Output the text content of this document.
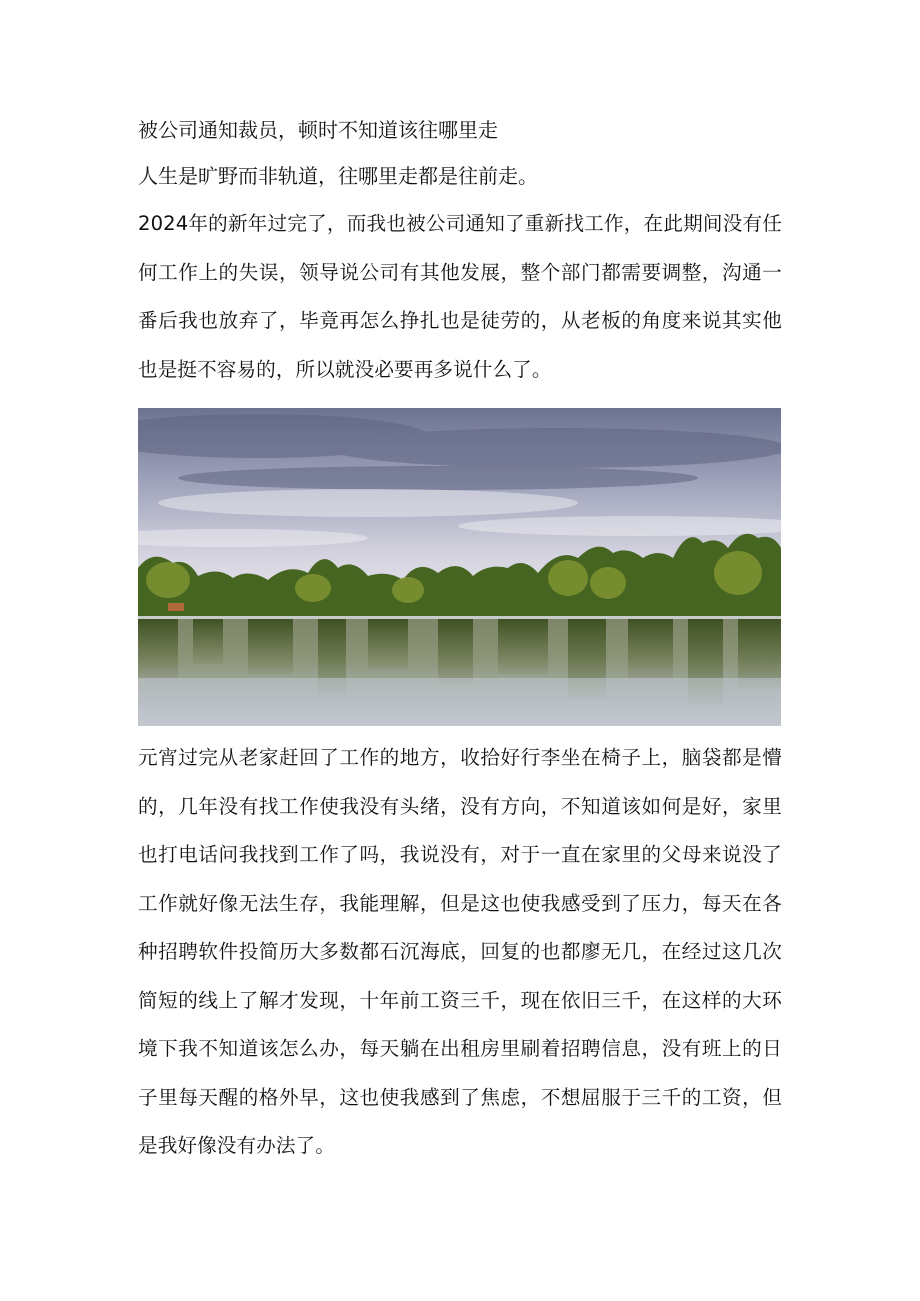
被公司通知裁员，顿时不知道该往哪里走

人生是旷野而非轨道，往哪里走都是往前走。

2024年的新年过完了，而我也被公司通知了重新找工作，在此期间没有任何工作上的失误，领导说公司有其他发展，整个部门都需要调整，沟通一番后我也放弃了，毕竟再怎么挣扎也是徒劳的，从老板的角度来说其实他也是挺不容易的，所以就没必要再多说什么了。

元宵过完从老家赶回了工作的地方，收拾好行李坐在椅子上，脑袋都是懵的，几年没有找工作使我没有头绪，没有方向，不知道该如何是好，家里也打电话问我找到工作了吗，我说没有，对于一直在家里的父母来说没了工作就好像无法生存，我能理解，但是这也使我感受到了压力，每天在各种招聘软件投简历大多数都石沉海底，回复的也都廖无几，在经过这几次简短的线上了解才发现，十年前工资三千，现在依旧三千，在这样的大环境下我不知道该怎么办，每天躺在出租房里刷着招聘信息，没有班上的日子里每天醒的格外早，这也使我感到了焦虑，不想屈服于三千的工资，但是我好像没有办法了。
